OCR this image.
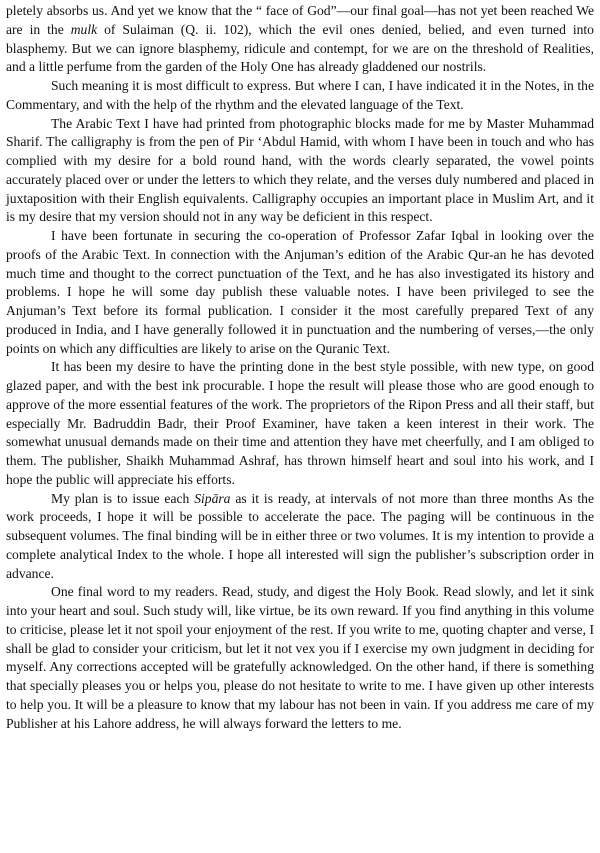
pletely absorbs us. And yet we know that the “ face of God”—our final goal—has not yet been reached We are in the mulk of Sulaiman (Q. ii. 102), which the evil ones denied, belied, and even turned into blasphemy. But we can ignore blasphemy, ridicule and contempt, for we are on the threshold of Realities, and a little perfume from the garden of the Holy One has already gladdened our nostrils.

Such meaning it is most difficult to express. But where I can, I have indicated it in the Notes, in the Commentary, and with the help of the rhythm and the elevated language of the Text.

The Arabic Text I have had printed from photographic blocks made for me by Master Muhammad Sharif. The calligraphy is from the pen of Pir ‘Abdul Hamid, with whom I have been in touch and who has complied with my desire for a bold round hand, with the words clearly separated, the vowel points accurately placed over or under the letters to which they relate, and the verses duly numbered and placed in juxtaposition with their English equivalents. Calligraphy occupies an important place in Muslim Art, and it is my desire that my version should not in any way be deficient in this respect.

I have been fortunate in securing the co-operation of Professor Zafar Iqbal in looking over the proofs of the Arabic Text. In connection with the Anjuman’s edition of the Arabic Qur-an he has devoted much time and thought to the correct punctuation of the Text, and he has also investigated its history and problems. I hope he will some day publish these valuable notes. I have been privileged to see the Anjuman’s Text before its formal publication. I consider it the most carefully prepared Text of any produced in India, and I have generally followed it in punctuation and the numbering of verses,—the only points on which any difficulties are likely to arise on the Quranic Text.

It has been my desire to have the printing done in the best style possible, with new type, on good glazed paper, and with the best ink procurable. I hope the result will please those who are good enough to approve of the more essential features of the work. The proprietors of the Ripon Press and all their staff, but especially Mr. Badruddin Badr, their Proof Examiner, have taken a keen interest in their work. The somewhat unusual demands made on their time and attention they have met cheerfully, and I am obliged to them. The publisher, Shaikh Muhammad Ashraf, has thrown himself heart and soul into his work, and I hope the public will appreciate his efforts.

My plan is to issue each Sipāra as it is ready, at intervals of not more than three months As the work proceeds, I hope it will be possible to accelerate the pace. The paging will be continuous in the subsequent volumes. The final binding will be in either three or two volumes. It is my intention to provide a complete analytical Index to the whole. I hope all interested will sign the publisher’s subscription order in advance.

One final word to my readers. Read, study, and digest the Holy Book. Read slowly, and let it sink into your heart and soul. Such study will, like virtue, be its own reward. If you find anything in this volume to criticise, please let it not spoil your enjoyment of the rest. If you write to me, quoting chapter and verse, I shall be glad to consider your criticism, but let it not vex you if I exercise my own judgment in deciding for myself. Any corrections accepted will be gratefully acknowledged. On the other hand, if there is something that specially pleases you or helps you, please do not hesitate to write to me. I have given up other interests to help you. It will be a pleasure to know that my labour has not been in vain. If you address me care of my Publisher at his Lahore address, he will always forward the letters to me.
